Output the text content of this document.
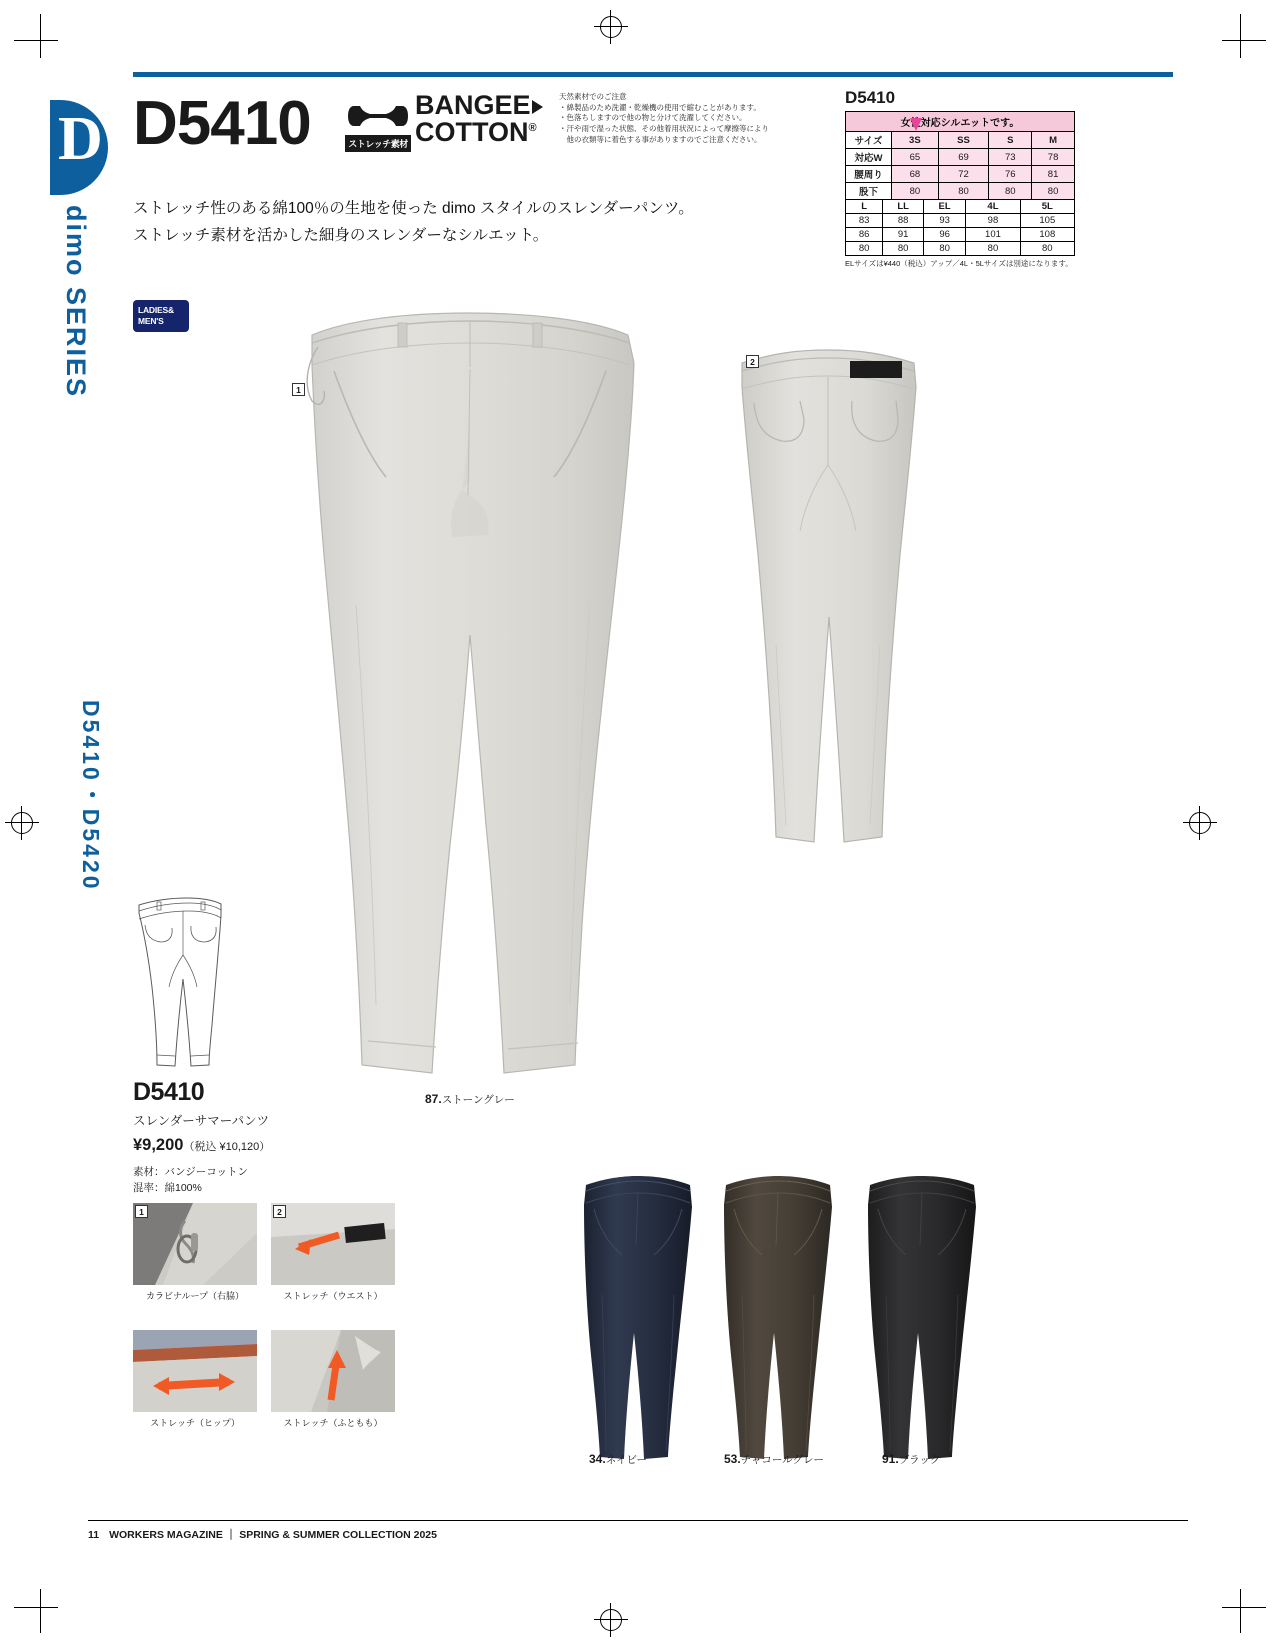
D
dimo SERIES
D5410・D5420
D5410	ストレッチ素材
BANGEE
COTTON®
天然素材でのご注意
・綿製品のため洗濯・乾燥機の使用で縮むことがあります。
・色落ちしますので他の物と分けて洗濯してください。
・汗や雨で湿った状態、その他着用状況によって摩擦等により
　他の衣類等に着色する事がありますのでご注意ください。
D5410
女性対応シルエットです。
サイズ	3S	SS	S	M
対応W	65	69	73	78
腰周り	68	72	76	81
股下	80	80	80	80
L	LL	EL	4L	5L
83	88	93	98	105
86	91	96	101	108
80	80	80	80	80
ELサイズは¥440（税込）アップ／4L・5Lサイズは別途になります。
ストレッチ性のある綿100％の生地を使った dimo スタイルのスレンダーパンツ。
ストレッチ素材を活かした細身のスレンダーなシルエット。
LADIES&
MEN'S
1
2
87.ストーングレー
D5410
スレンダーサマーパンツ
¥9,200（税込 ¥10,120）
素材：バンジーコットン
混率：綿100%
1
カラビナループ（右脇）
2
ストレッチ（ウエスト）
ストレッチ（ヒップ）	ストレッチ（ふともも）
34.ネイビー	53.チャコールグレー	91.ブラック
11 WORKERS MAGAZINE ｜ SPRING & SUMMER COLLECTION 2025
